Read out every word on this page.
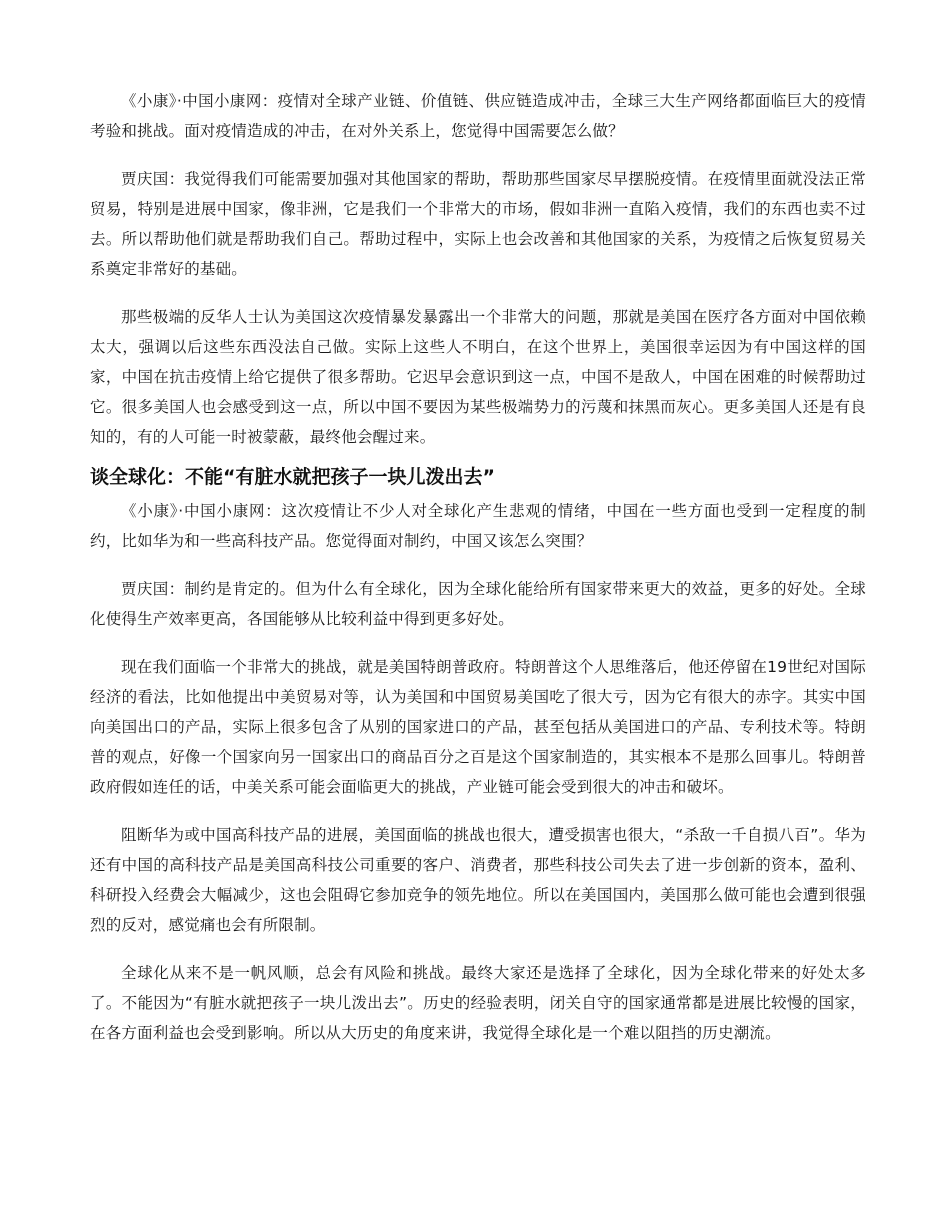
《小康》·中国小康网：疫情对全球产业链、价值链、供应链造成冲击，全球三大生产网络都面临巨大的疫情考验和挑战。面对疫情造成的冲击，在对外关系上，您觉得中国需要怎么做？

贾庆国：我觉得我们可能需要加强对其他国家的帮助，帮助那些国家尽早摆脱疫情。在疫情里面就没法正常贸易，特别是进展中国家，像非洲，它是我们一个非常大的市场，假如非洲一直陷入疫情，我们的东西也卖不过去。所以帮助他们就是帮助我们自己。帮助过程中，实际上也会改善和其他国家的关系，为疫情之后恢复贸易关系奠定非常好的基础。

那些极端的反华人士认为美国这次疫情暴发暴露出一个非常大的问题，那就是美国在医疗各方面对中国依赖太大，强调以后这些东西没法自己做。实际上这些人不明白，在这个世界上，美国很幸运因为有中国这样的国家，中国在抗击疫情上给它提供了很多帮助。它迟早会意识到这一点，中国不是敌人，中国在困难的时候帮助过它。很多美国人也会感受到这一点，所以中国不要因为某些极端势力的污蔑和抹黑而灰心。更多美国人还是有良知的，有的人可能一时被蒙蔽，最终他会醒过来。

谈全球化：不能“有脏水就把孩子一块儿泼出去”

《小康》·中国小康网：这次疫情让不少人对全球化产生悲观的情绪，中国在一些方面也受到一定程度的制约，比如华为和一些高科技产品。您觉得面对制约，中国又该怎么突围？

贾庆国：制约是肯定的。但为什么有全球化，因为全球化能给所有国家带来更大的效益，更多的好处。全球化使得生产效率更高，各国能够从比较利益中得到更多好处。

现在我们面临一个非常大的挑战，就是美国特朗普政府。特朗普这个人思维落后，他还停留在19世纪对国际经济的看法，比如他提出中美贸易对等，认为美国和中国贸易美国吃了很大亏，因为它有很大的赤字。其实中国向美国出口的产品，实际上很多包含了从别的国家进口的产品，甚至包括从美国进口的产品、专利技术等。特朗普的观点，好像一个国家向另一国家出口的商品百分之百是这个国家制造的，其实根本不是那么回事儿。特朗普政府假如连任的话，中美关系可能会面临更大的挑战，产业链可能会受到很大的冲击和破坏。

阻断华为或中国高科技产品的进展，美国面临的挑战也很大，遭受损害也很大，“杀敌一千自损八百”。华为还有中国的高科技产品是美国高科技公司重要的客户、消费者，那些科技公司失去了进一步创新的资本，盈利、科研投入经费会大幅减少，这也会阻碍它参加竞争的领先地位。所以在美国国内，美国那么做可能也会遭到很强烈的反对，感觉痛也会有所限制。

全球化从来不是一帆风顺，总会有风险和挑战。最终大家还是选择了全球化，因为全球化带来的好处太多了。不能因为“有脏水就把孩子一块儿泼出去”。历史的经验表明，闭关自守的国家通常都是进展比较慢的国家，在各方面利益也会受到影响。所以从大历史的角度来讲，我觉得全球化是一个难以阻挡的历史潮流。
